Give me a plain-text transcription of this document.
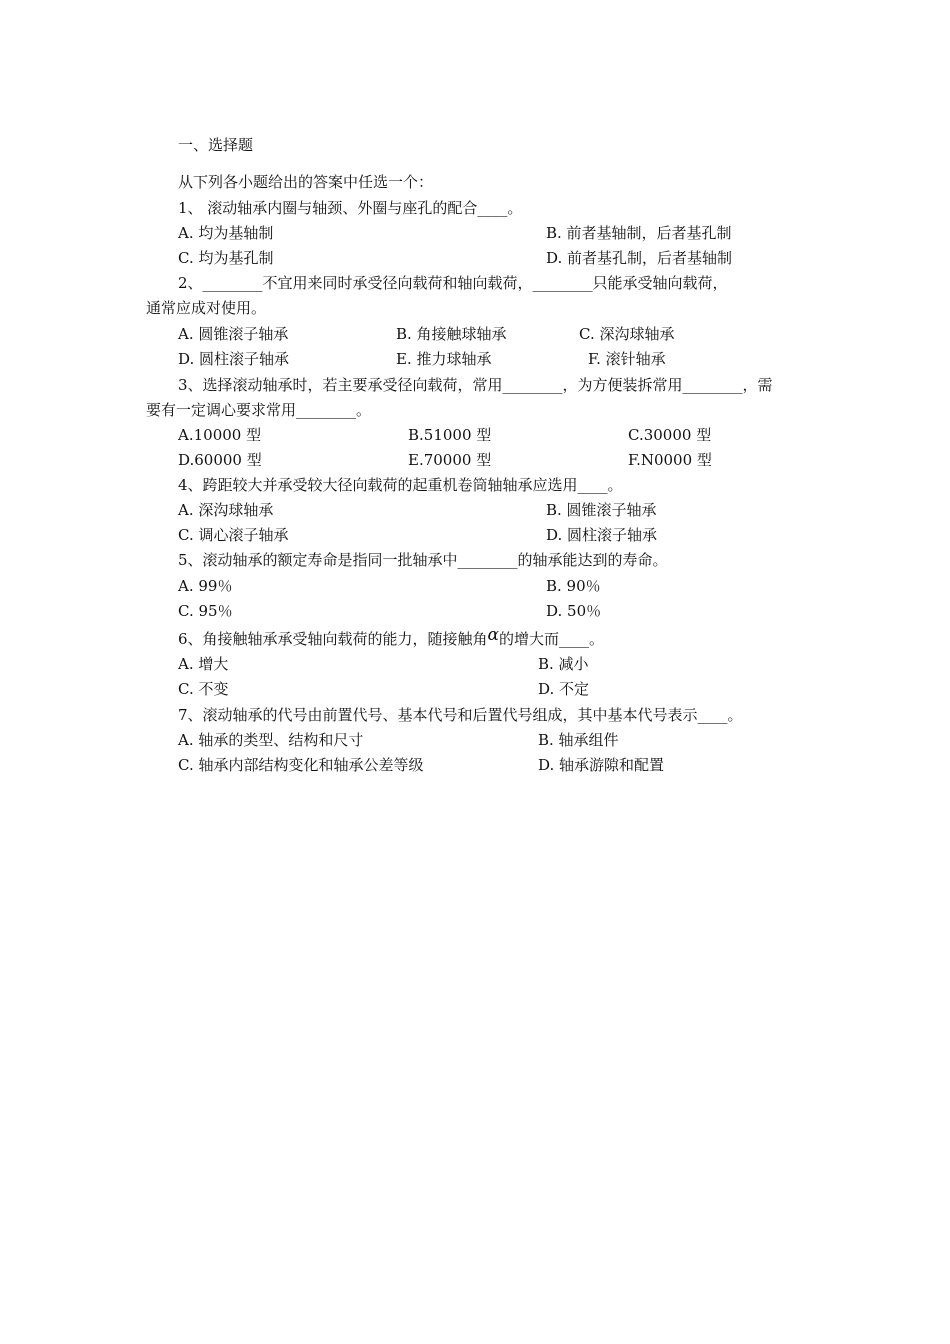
一、选择题
从下列各小题给出的答案中任选一个：
1、 滚动轴承内圈与轴颈、外圈与座孔的配合____。
A. 均为基轴制	B. 前者基轴制，后者基孔制
C. 均为基孔制	D. 前者基孔制，后者基轴制
2、________不宜用来同时承受径向载荷和轴向载荷，________只能承受轴向载荷，
通常应成对使用。
A. 圆锥滚子轴承	B. 角接触球轴承	C. 深沟球轴承
D. 圆柱滚子轴承	E. 推力球轴承	F. 滚针轴承
3、选择滚动轴承时，若主要承受径向载荷，常用________，为方便装拆常用________，需
要有一定调心要求常用________。
A.10000 型	B.51000 型	C.30000 型
D.60000 型	E.70000 型	F.N0000 型
4、跨距较大并承受较大径向载荷的起重机卷筒轴轴承应选用____。
A. 深沟球轴承	B. 圆锥滚子轴承
C. 调心滚子轴承	D. 圆柱滚子轴承
5、滚动轴承的额定寿命是指同一批轴承中________的轴承能达到的寿命。
A. 99％	B. 90％
C. 95％	D. 50％
6、角接触轴承承受轴向载荷的能力，随接触角α的增大而____。
A. 增大	B. 减小
C. 不变	D. 不定
7、滚动轴承的代号由前置代号、基本代号和后置代号组成，其中基本代号表示____。
A. 轴承的类型、结构和尺寸	B. 轴承组件
C. 轴承内部结构变化和轴承公差等级	D. 轴承游隙和配置
